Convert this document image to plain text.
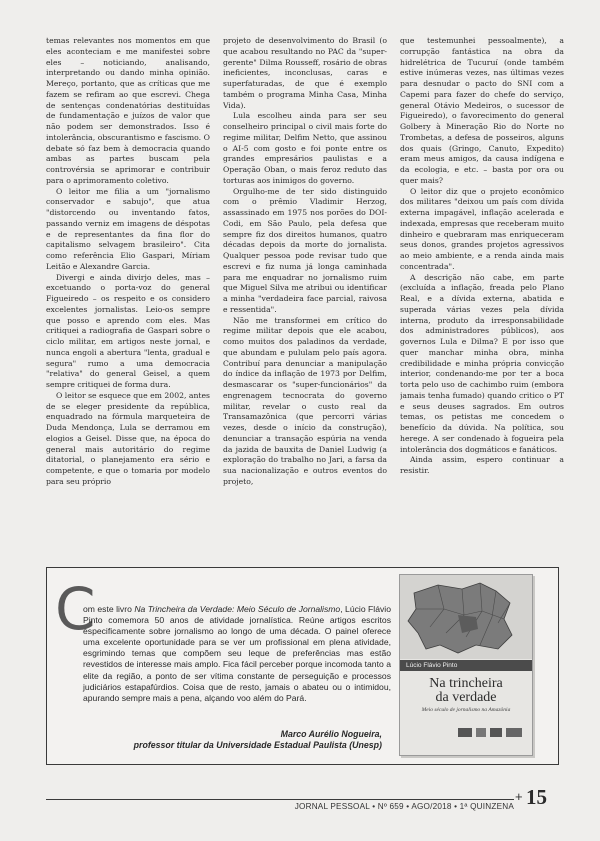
temas relevantes nos momentos em que eles aconteciam e me manifestei sobre eles – noticiando, analisando, interpretando ou dando minha opinião. Mereço, portanto, que as críticas que me fazem se refiram ao que escrevi. Chega de sentenças condenatórias destituídas de fundamentação e juízos de valor que não podem ser demonstrados. Isso é intolerância, obscurantismo e fascismo. O debate só faz bem à democracia quando ambas as partes buscam pela controvérsia se aprimorar e contribuir para o aprimoramento coletivo.

O leitor me filia a um "jornalismo conservador e sabujo", que atua "distorcendo ou inventando fatos, passando verniz em imagens de déspotas e de representantes da fina flor do capitalismo selvagem brasileiro". Cita como referência Elio Gaspari, Míriam Leitão e Alexandre Garcia.

Divergi e ainda divirjo deles, mas – excetuando o porta-voz do general Figueiredo – os respeito e os considero excelentes jornalistas. Leio-os sempre que posso e aprendo com eles. Mas critiquei a radiografia de Gaspari sobre o ciclo militar, em artigos neste jornal, e nunca engoli a abertura "lenta, gradual e segura" rumo a uma democracia "relativa" do general Geisel, a quem sempre critiquei de forma dura.

O leitor se esquece que em 2002, antes de se eleger presidente da república, enquadrado na fórmula marqueteira de Duda Mendonça, Lula se derramou em elogios a Geisel. Disse que, na época do general mais autoritário do regime ditatorial, o planejamento era sério e competente, e que o tomaria por modelo para seu próprio

projeto de desenvolvimento do Brasil (o que acabou resultando no PAC da "super-gerente" Dilma Rousseff, rosário de obras ineficientes, inconclusas, caras e superfaturadas, de que é exemplo também o programa Minha Casa, Minha Vida).

Lula escolheu ainda para ser seu conselheiro principal o civil mais forte do regime militar, Delfim Netto, que assinou o AI-5 com gosto e foi ponte entre os grandes empresários paulistas e a Operação Oban, o mais feroz reduto das torturas aos inimigos do governo.

Orgulho-me de ter sido distinguido com o prêmio Vladimir Herzog, assassinado em 1975 nos porões do DOI-Codi, em São Paulo, pela defesa que sempre fiz dos direitos humanos, quatro décadas depois da morte do jornalista. Qualquer pessoa pode revisar tudo que escrevi e fiz numa já longa caminhada para me enquadrar no jornalismo ruim que Miguel Silva me atribui ou identificar a minha "verdadeira face parcial, raivosa e ressentida".

Não me transformei em crítico do regime militar depois que ele acabou, como muitos dos paladinos da verdade, que abundam e pululam pelo país agora. Contribuí para denunciar a manipulação do índice da inflação de 1973 por Delfim, desmascarar os "super-funcionários" da engrenagem tecnocrata do governo militar, revelar o custo real da Transamazônica (que percorri várias vezes, desde o início da construção), denunciar a transação espúria na venda da jazida de bauxita de Daniel Ludwig (a exploração do trabalho no Jari, a farsa da sua nacionalização e outros eventos do projeto,

que testemunhei pessoalmente), a corrupção fantástica na obra da hidrelétrica de Tucuruí (onde também estive inúmeras vezes, nas últimas vezes para desnudar o pacto do SNI com a Capemi para fazer do chefe do serviço, general Otávio Medeiros, o sucessor de Figueiredo), o favorecimento do general Golbery à Mineração Rio do Norte no Trombetas, a defesa de posseiros, alguns dos quais (Gringo, Canuto, Expedito) eram meus amigos, da causa indígena e da ecologia, e etc. – basta por ora ou quer mais?

O leitor diz que o projeto econômico dos militares "deixou um país com dívida externa impagável, inflação acelerada e indexada, empresas que receberam muito dinheiro e quebraram mas enriqueceram seus donos, grandes projetos agressivos ao meio ambiente, e a renda ainda mais concentrada".

A descrição não cabe, em parte (excluída a inflação, freada pelo Plano Real, e a dívida externa, abatida e superada várias vezes pela dívida interna, produto da irresponsabilidade dos administradores públicos), aos governos Lula e Dilma? E por isso que quer manchar minha obra, minha credibilidade e minha própria convicção interior, condenando-me por ter a boca torta pelo uso de cachimbo ruim (embora jamais tenha fumado) quando critico o PT e seus deuses sagrados. Em outros temas, os petistas me concedem o benefício da dúvida. Na política, sou herege. A ser condenado à fogueira pela intolerância dos dogmáticos e fanáticos.

Ainda assim, espero continuar a resistir.

C

om este livro Na Trincheira da Verdade: Meio Século de Jornalismo, Lúcio Flávio Pinto comemora 50 anos de atividade jornalística. Reúne artigos escritos especificamente sobre jornalismo ao longo de uma década. O painel oferece uma excelente oportunidade para se ver um profissional em plena atividade, esgrimindo temas que compõem seu leque de preferências mas estão revestidos de interesse mais amplo. Fica fácil perceber porque incomoda tanto a elite da região, a ponto de ser vítima constante de perseguição e processos judiciários estapafúrdios. Coisa que de resto, jamais o abateu ou o intimidou, apurando sempre mais a pena, alçando voo além do Pará.

Marco Aurélio Nogueira,
professor titular da Universidade Estadual Paulista (Unesp)
Lúcio Flávio Pinto
Na trincheira
da verdade
Meio século de jornalismo na Amazônia
JORNAL PESSOAL • Nº 659 • AGO/2018 • 1ª QUINZENA
+ 15
